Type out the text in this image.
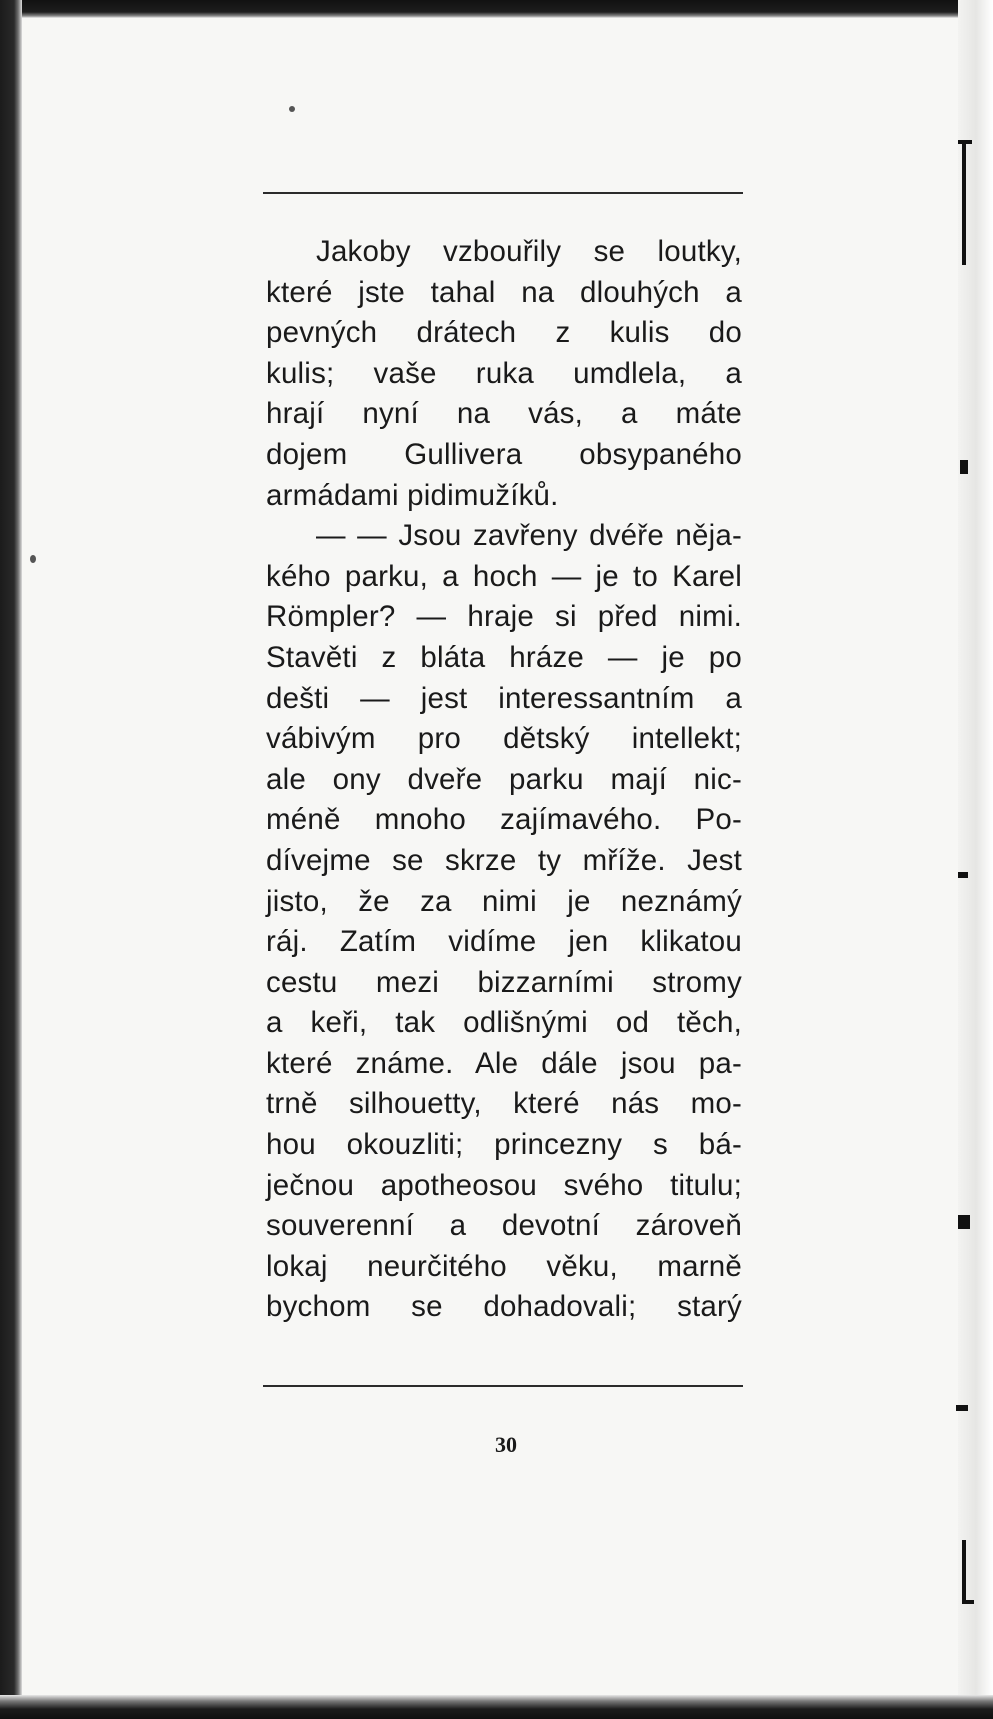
Jakoby vzbouřily se loutky,
které jste tahal na dlouhých a
pevných drátech z kulis do
kulis; vaše ruka umdlela, a
hrají nyní na vás, a máte
dojem Gullivera obsypaného
armádami pidimužíků.
— — Jsou zavřeny dvéře něja-
kého parku, a hoch — je to Karel
Römpler? — hraje si před nimi.
Stavěti z bláta hráze — je po
dešti — jest interessantním a
vábivým pro dětský intellekt;
ale ony dveře parku mají nic-
méně mnoho zajímavého. Po-
dívejme se skrze ty mříže. Jest
jisto, že za nimi je neznámý
ráj. Zatím vidíme jen klikatou
cestu mezi bizzarními stromy
a keři, tak odlišnými od těch,
které známe. Ale dále jsou pa-
trně silhouetty, které nás mo-
hou okouzliti; princezny s bá-
ječnou apotheosou svého titulu;
souverenní a devotní zároveň
lokaj neurčitého věku, marně
bychom se dohadovali; starý
30
